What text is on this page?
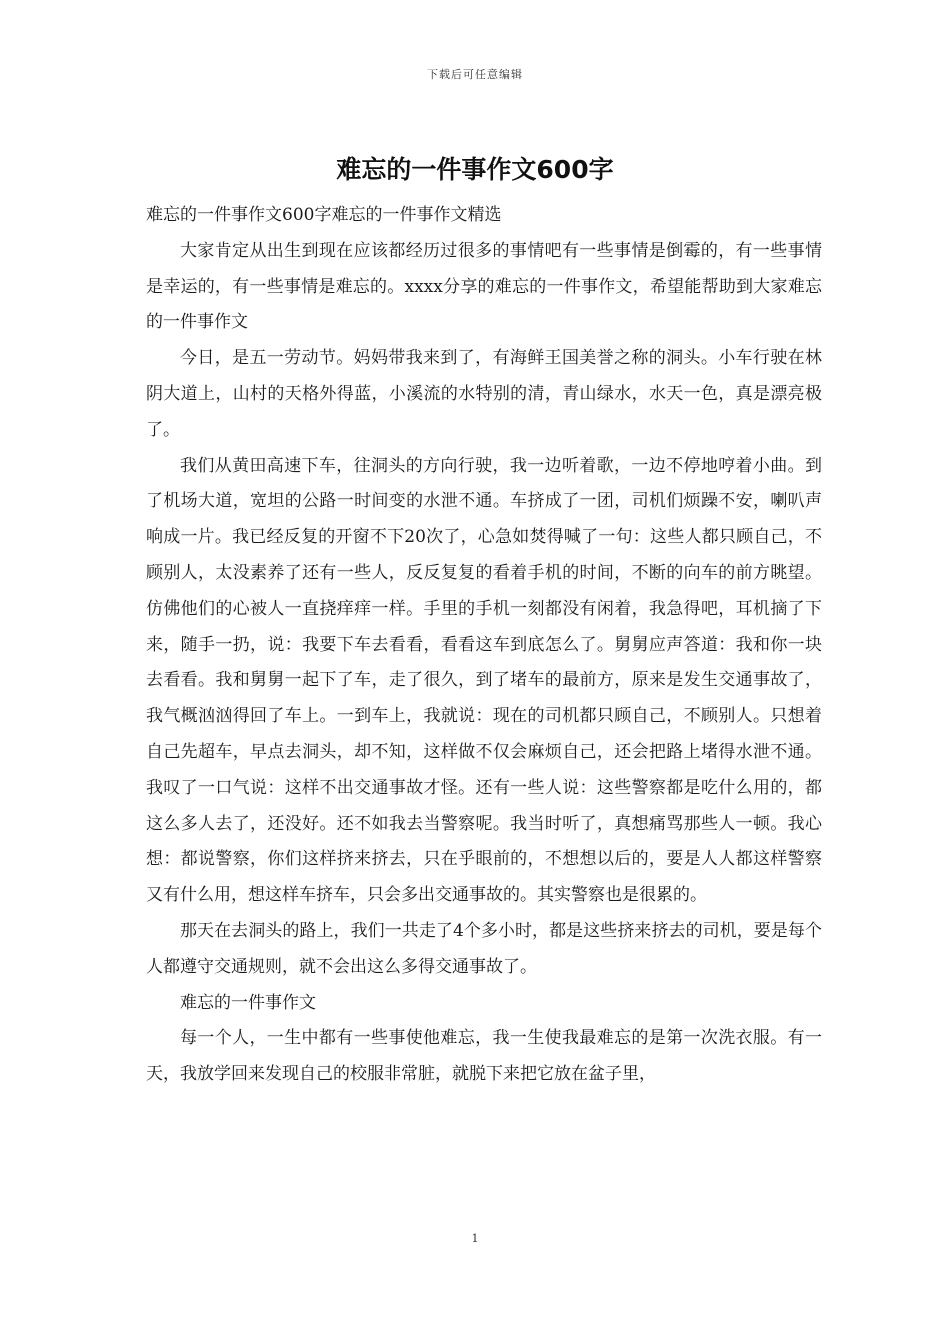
下载后可任意编辑
难忘的一件事作文600字

难忘的一件事作文600字难忘的一件事作文精选

大家肯定从出生到现在应该都经历过很多的事情吧有一些事情是倒霉的，有一些事情是幸运的，有一些事情是难忘的。xxxx分享的难忘的一件事作文，希望能帮助到大家难忘的一件事作文

今日，是五一劳动节。妈妈带我来到了，有海鲜王国美誉之称的洞头。小车行驶在林阴大道上，山村的天格外得蓝，小溪流的水特别的清，青山绿水，水天一色，真是漂亮极了。

我们从黄田高速下车，往洞头的方向行驶，我一边听着歌，一边不停地哼着小曲。到了机场大道，宽坦的公路一时间变的水泄不通。车挤成了一团，司机们烦躁不安，喇叭声响成一片。我已经反复的开窗不下20次了，心急如焚得喊了一句：这些人都只顾自己，不顾别人，太没素养了还有一些人，反反复复的看着手机的时间，不断的向车的前方眺望。仿佛他们的心被人一直挠痒痒一样。手里的手机一刻都没有闲着，我急得吧，耳机摘了下来，随手一扔，说：我要下车去看看，看看这车到底怎么了。舅舅应声答道：我和你一块去看看。我和舅舅一起下了车，走了很久，到了堵车的最前方，原来是发生交通事故了，我气概汹汹得回了车上。一到车上，我就说：现在的司机都只顾自己，不顾别人。只想着自己先超车，早点去洞头，却不知，这样做不仅会麻烦自己，还会把路上堵得水泄不通。我叹了一口气说：这样不出交通事故才怪。还有一些人说：这些警察都是吃什么用的，都这么多人去了，还没好。还不如我去当警察呢。我当时听了，真想痛骂那些人一顿。我心想：都说警察，你们这样挤来挤去，只在乎眼前的，不想想以后的，要是人人都这样警察又有什么用，想这样车挤车，只会多出交通事故的。其实警察也是很累的。

那天在去洞头的路上，我们一共走了4个多小时，都是这些挤来挤去的司机，要是每个人都遵守交通规则，就不会出这么多得交通事故了。

难忘的一件事作文

每一个人，一生中都有一些事使他难忘，我一生使我最难忘的是第一次洗衣服。有一天，我放学回来发现自己的校服非常脏，就脱下来把它放在盆子里，

1
